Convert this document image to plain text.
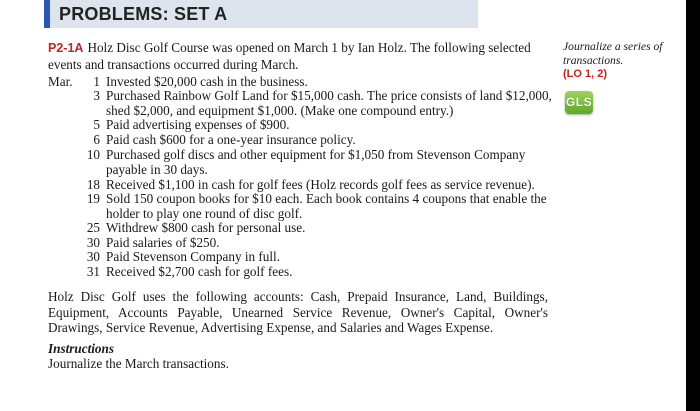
PROBLEMS: SET A
P2-1A Holz Disc Golf Course was opened on March 1 by Ian Holz. The following selected events and transactions occurred during March.
Journalize a series of transactions.
(LO 1, 2)
GLS
Mar.	1 Invested $20,000 cash in the business.
3 Purchased Rainbow Golf Land for $15,000 cash. The price consists of land $12,000, shed $2,000, and equipment $1,000. (Make one compound entry.)
5 Paid advertising expenses of $900.
6 Paid cash $600 for a one-year insurance policy.
10 Purchased golf discs and other equipment for $1,050 from Stevenson Company payable in 30 days.
18 Received $1,100 in cash for golf fees (Holz records golf fees as service revenue).
19 Sold 150 coupon books for $10 each. Each book contains 4 coupons that enable the holder to play one round of disc golf.
25 Withdrew $800 cash for personal use.
30 Paid salaries of $250.
30 Paid Stevenson Company in full.
31 Received $2,700 cash for golf fees.
Holz Disc Golf uses the following accounts: Cash, Prepaid Insurance, Land, Buildings, Equipment, Accounts Payable, Unearned Service Revenue, Owner's Capital, Owner's Drawings, Service Revenue, Advertising Expense, and Salaries and Wages Expense.
Instructions
Journalize the March transactions.
